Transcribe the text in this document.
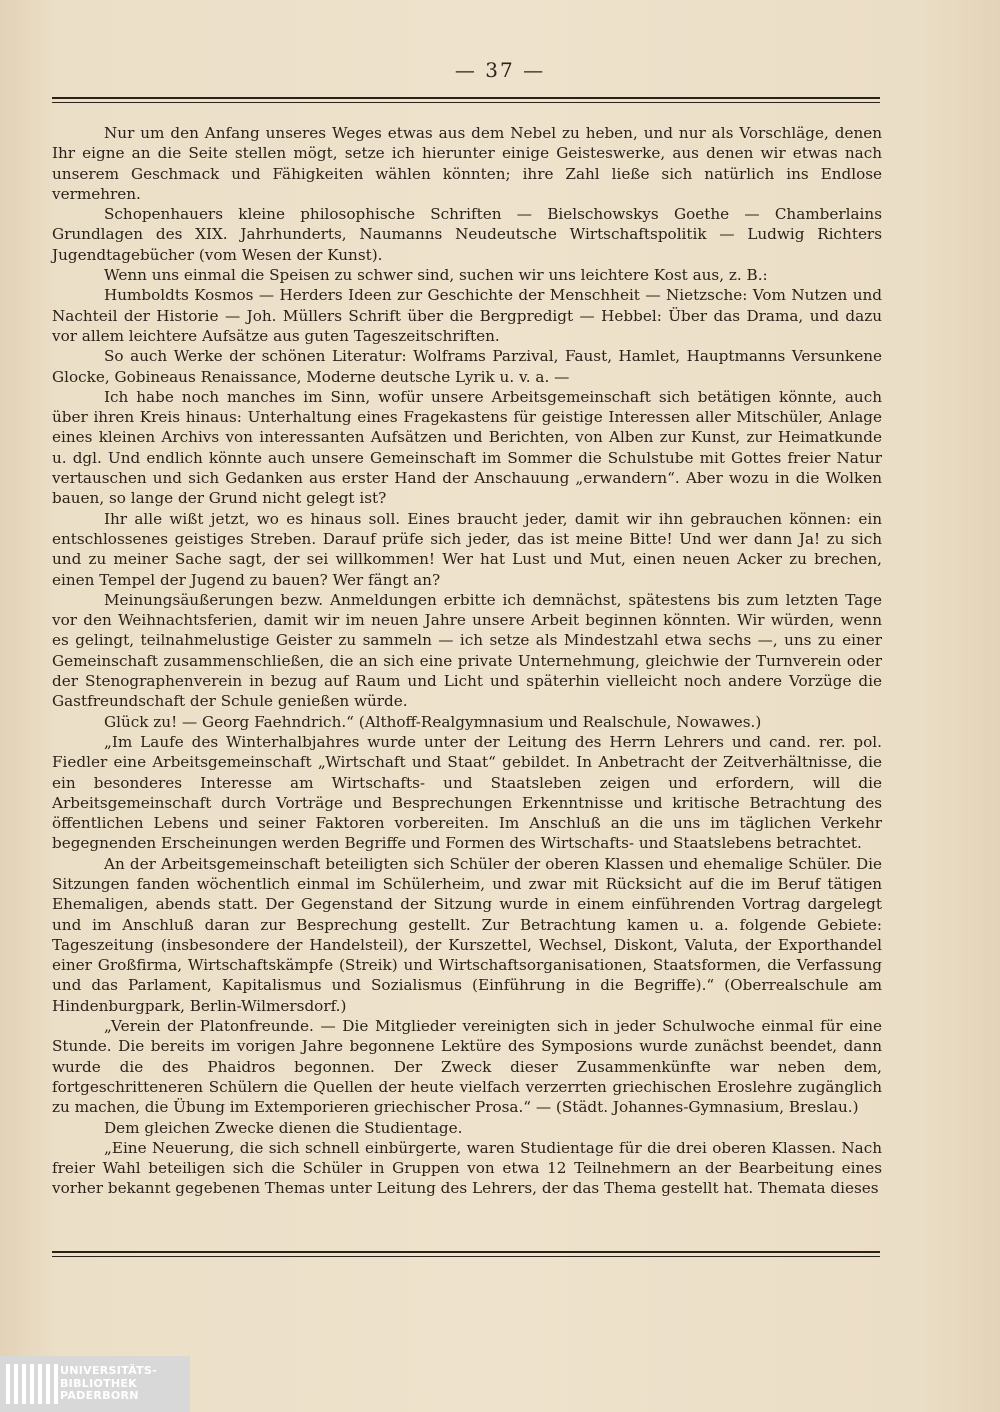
— 37 —

Nur um den Anfang unseres Weges etwas aus dem Nebel zu heben, und nur als Vorschläge, denen Ihr eigne an die Seite stellen mögt, setze ich hierunter einige Geisteswerke, aus denen wir etwas nach unserem Geschmack und Fähigkeiten wählen könnten; ihre Zahl ließe sich natürlich ins Endlose vermehren.

Schopenhauers kleine philosophische Schriften — Bielschowskys Goethe — Chamberlains Grundlagen des XIX. Jahrhunderts, Naumanns Neudeutsche Wirtschaftspolitik — Ludwig Richters Jugendtagebücher (vom Wesen der Kunst).

Wenn uns einmal die Speisen zu schwer sind, suchen wir uns leichtere Kost aus, z. B.:

Humboldts Kosmos — Herders Ideen zur Geschichte der Menschheit — Nietzsche: Vom Nutzen und Nachteil der Historie — Joh. Müllers Schrift über die Bergpredigt — Hebbel: Über das Drama, und dazu vor allem leichtere Aufsätze aus guten Tageszeitschriften.

So auch Werke der schönen Literatur: Wolframs Parzival, Faust, Hamlet, Hauptmanns Versunkene Glocke, Gobineaus Renaissance, Moderne deutsche Lyrik u. v. a. —

Ich habe noch manches im Sinn, wofür unsere Arbeitsgemeinschaft sich betätigen könnte, auch über ihren Kreis hinaus: Unterhaltung eines Fragekastens für geistige Interessen aller Mitschüler, Anlage eines kleinen Archivs von interessanten Aufsätzen und Berichten, von Alben zur Kunst, zur Heimatkunde u. dgl. Und endlich könnte auch unsere Gemeinschaft im Sommer die Schulstube mit Gottes freier Natur vertauschen und sich Gedanken aus erster Hand der Anschauung „erwandern“. Aber wozu in die Wolken bauen, so lange der Grund nicht gelegt ist?

Ihr alle wißt jetzt, wo es hinaus soll. Eines braucht jeder, damit wir ihn gebrauchen können: ein entschlossenes geistiges Streben. Darauf prüfe sich jeder, das ist meine Bitte! Und wer dann Ja! zu sich und zu meiner Sache sagt, der sei willkommen! Wer hat Lust und Mut, einen neuen Acker zu brechen, einen Tempel der Jugend zu bauen? Wer fängt an?

Meinungsäußerungen bezw. Anmeldungen erbitte ich demnächst, spätestens bis zum letzten Tage vor den Weihnachtsferien, damit wir im neuen Jahre unsere Arbeit beginnen könnten. Wir würden, wenn es gelingt, teilnahmelustige Geister zu sammeln — ich setze als Mindestzahl etwa sechs —, uns zu einer Gemeinschaft zusammenschließen, die an sich eine private Unternehmung, gleichwie der Turnverein oder der Stenographenverein in bezug auf Raum und Licht und späterhin vielleicht noch andere Vorzüge die Gastfreundschaft der Schule genießen würde.

Glück zu! — Georg Faehndrich.“ (Althoff-Realgymnasium und Realschule, Nowawes.)

„Im Laufe des Winterhalbjahres wurde unter der Leitung des Herrn Lehrers und cand. rer. pol. Fiedler eine Arbeitsgemeinschaft „Wirtschaft und Staat“ gebildet. In Anbetracht der Zeitverhältnisse, die ein besonderes Interesse am Wirtschafts- und Staatsleben zeigen und erfordern, will die Arbeitsgemeinschaft durch Vorträge und Besprechungen Erkenntnisse und kritische Betrachtung des öffentlichen Lebens und seiner Faktoren vorbereiten. Im Anschluß an die uns im täglichen Verkehr begegnenden Erscheinungen werden Begriffe und Formen des Wirtschafts- und Staatslebens betrachtet.

An der Arbeitsgemeinschaft beteiligten sich Schüler der oberen Klassen und ehemalige Schüler. Die Sitzungen fanden wöchentlich einmal im Schülerheim, und zwar mit Rücksicht auf die im Beruf tätigen Ehemaligen, abends statt. Der Gegenstand der Sitzung wurde in einem einführenden Vortrag dargelegt und im Anschluß daran zur Besprechung gestellt. Zur Betrachtung kamen u. a. folgende Gebiete: Tageszeitung (insbesondere der Handelsteil), der Kurszettel, Wechsel, Diskont, Valuta, der Exporthandel einer Großfirma, Wirtschaftskämpfe (Streik) und Wirtschaftsorganisationen, Staatsformen, die Verfassung und das Parlament, Kapitalismus und Sozialismus (Einführung in die Begriffe).“ (Oberrealschule am Hindenburgpark, Berlin-Wilmersdorf.)

„Verein der Platonfreunde. — Die Mitglieder vereinigten sich in jeder Schulwoche einmal für eine Stunde. Die bereits im vorigen Jahre begonnene Lektüre des Symposions wurde zunächst beendet, dann wurde die des Phaidros begonnen. Der Zweck dieser Zusammenkünfte war neben dem, fortgeschritteneren Schülern die Quellen der heute vielfach verzerrten griechischen Eroslehre zugänglich zu machen, die Übung im Extemporieren griechischer Prosa.“ — (Städt. Johannes-Gymnasium, Breslau.)

Dem gleichen Zwecke dienen die Studientage.

„Eine Neuerung, die sich schnell einbürgerte, waren Studientage für die drei oberen Klassen. Nach freier Wahl beteiligen sich die Schüler in Gruppen von etwa 12 Teilnehmern an der Bearbeitung eines vorher bekannt gegebenen Themas unter Leitung des Lehrers, der das Thema gestellt hat. Themata dieses

UNIVERSITÄTS-
BIBLIOTHEK
PADERBORN
